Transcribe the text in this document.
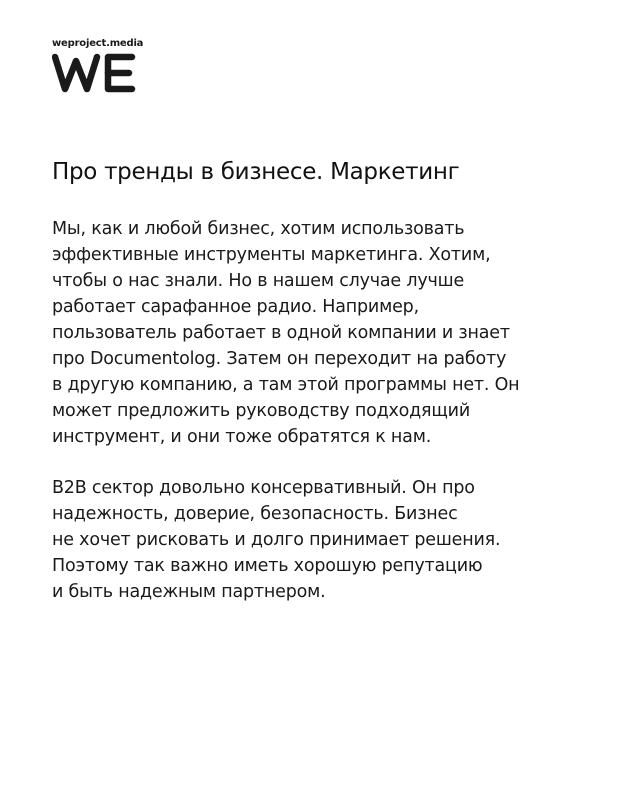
weproject.media
Про тренды в бизнесе. Маркетинг

Мы, как и любой бизнес, хотим использовать
эффективные инструменты маркетинга. Хотим,
чтобы о нас знали. Но в нашем случае лучше
работает сарафанное радио. Например,
пользователь работает в одной компании и знает
про Documentolog. Затем он переходит на работу
в другую компанию, а там этой программы нет. Он
может предложить руководству подходящий
инструмент, и они тоже обратятся к нам.

B2B сектор довольно консервативный. Он про
надежность, доверие, безопасность. Бизнес
не хочет рисковать и долго принимает решения.
Поэтому так важно иметь хорошую репутацию
и быть надежным партнером.
